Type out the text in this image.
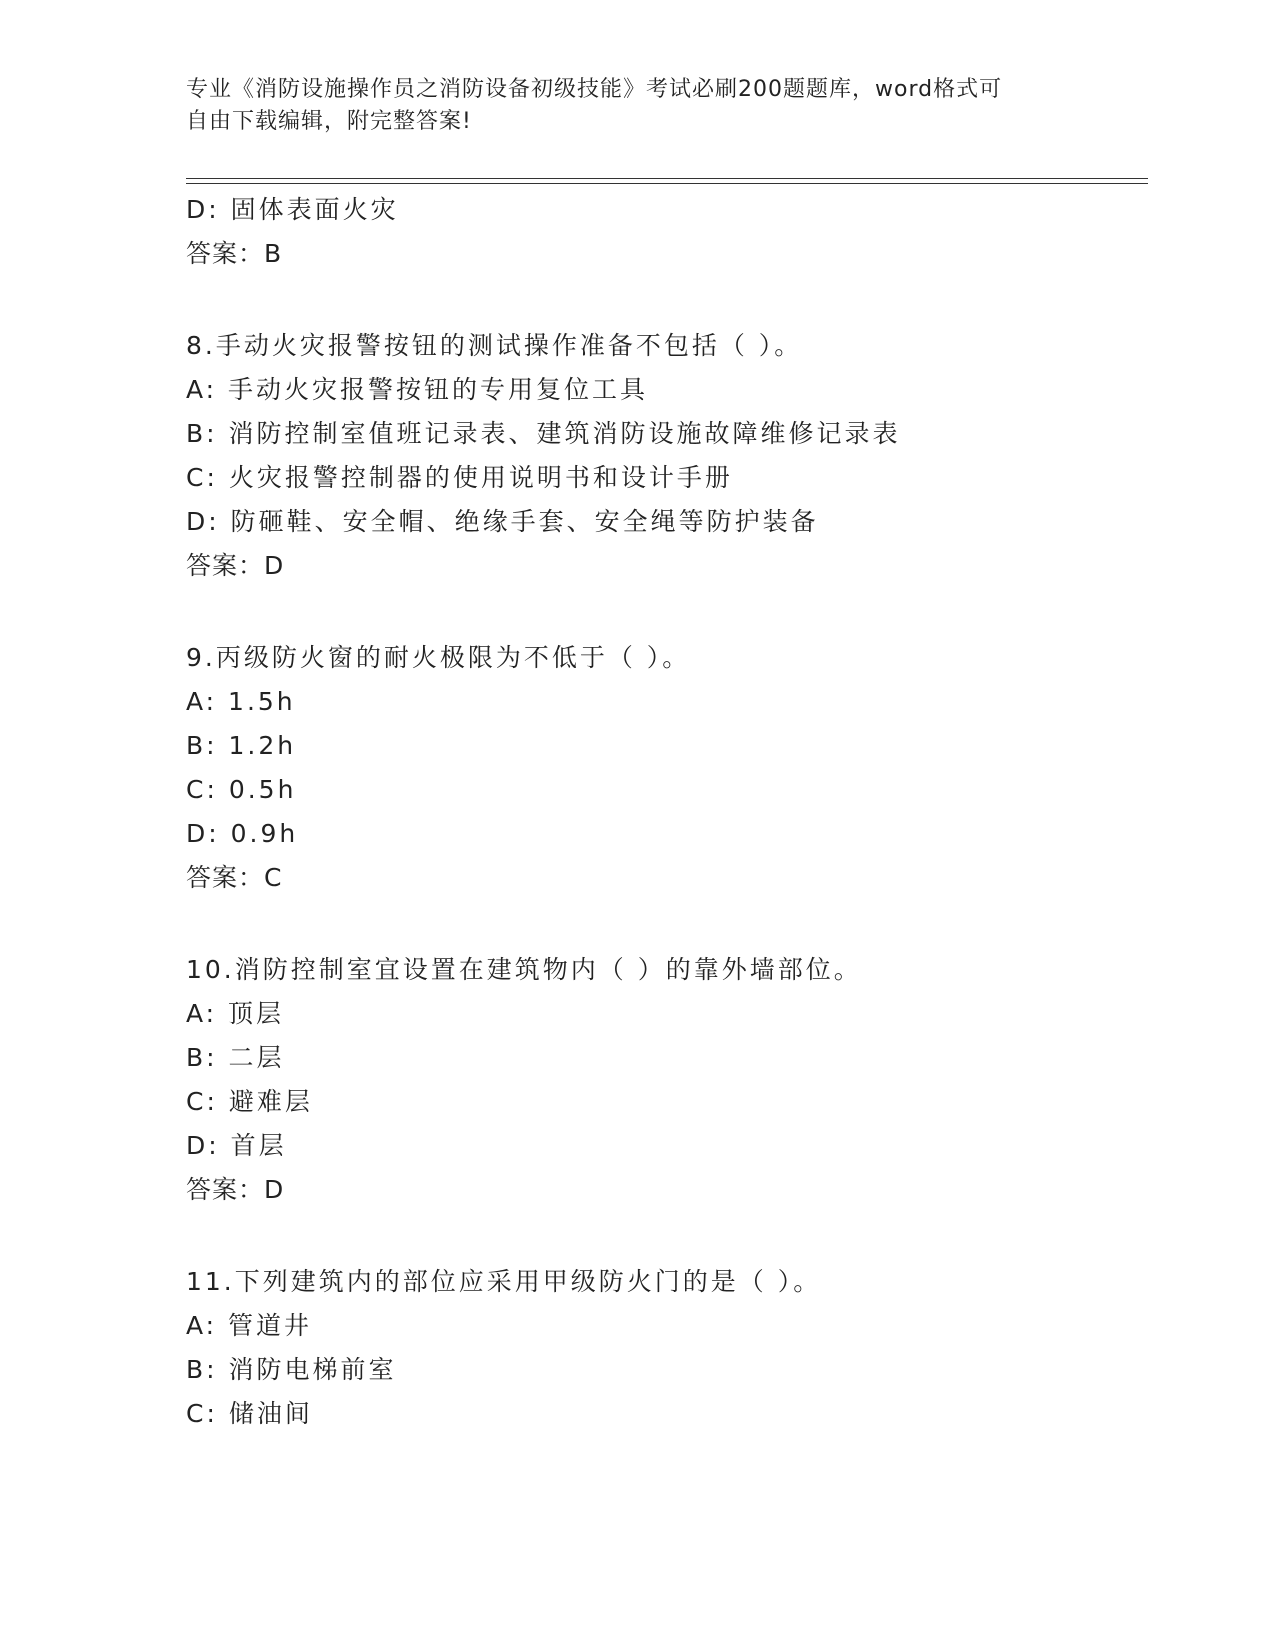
专业《消防设施操作员之消防设备初级技能》考试必刷200题题库，word格式可
自由下载编辑，附完整答案!
D: 固体表面火灾
答案：B
8.手动火灾报警按钮的测试操作准备不包括（ ）。
A: 手动火灾报警按钮的专用复位工具
B: 消防控制室值班记录表、建筑消防设施故障维修记录表
C: 火灾报警控制器的使用说明书和设计手册
D: 防砸鞋、安全帽、绝缘手套、安全绳等防护装备
答案：D
9.丙级防火窗的耐火极限为不低于（ ）。
A: 1.5h
B: 1.2h
C: 0.5h
D: 0.9h
答案：C
10.消防控制室宜设置在建筑物内（ ）的靠外墙部位。
A: 顶层
B: 二层
C: 避难层
D: 首层
答案：D
11.下列建筑内的部位应采用甲级防火门的是（ ）。
A: 管道井
B: 消防电梯前室
C: 储油间
